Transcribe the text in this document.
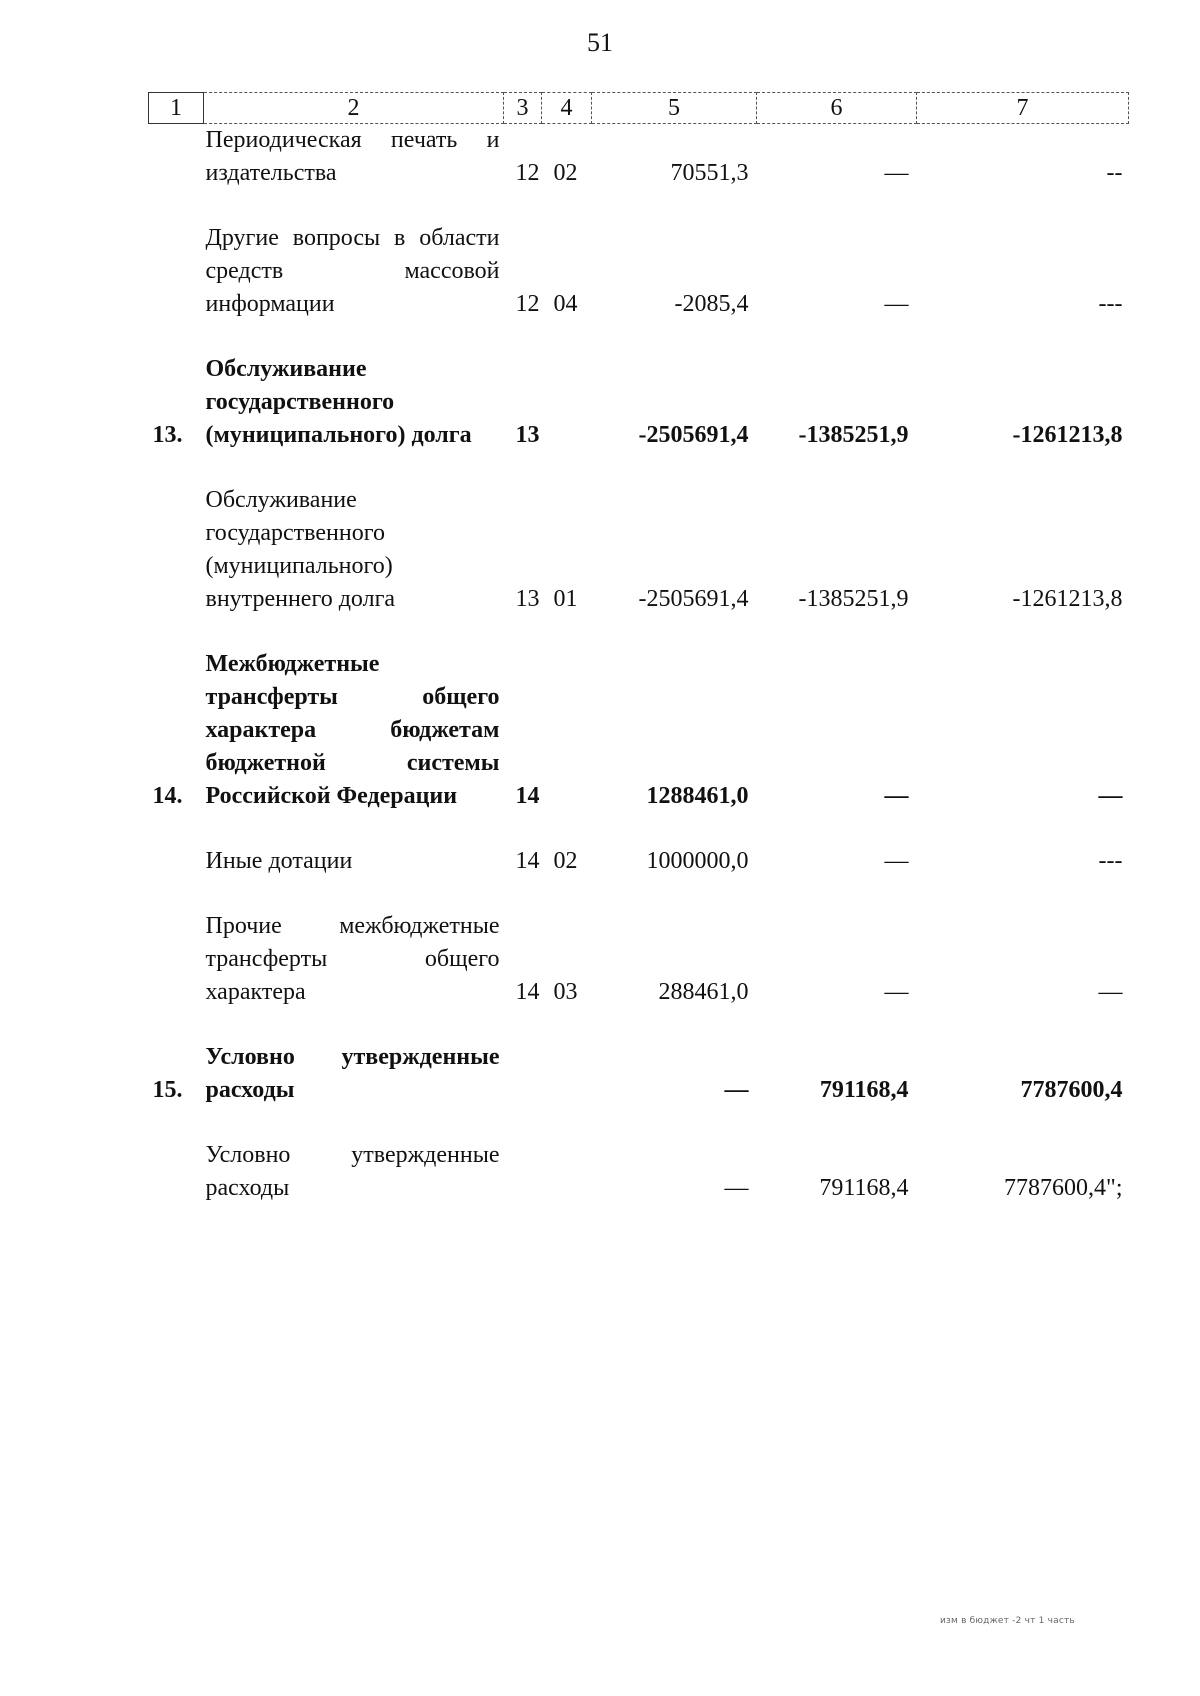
51
1	2	3	4	5	6	7
	Периодическая печать и издательства	12	02	70551,3	—	--

	Другие вопросы в области средств массовой информации	12	04	-2085,4	—	---

13.	Обслуживание государственного (муниципального) долга	13		-2505691,4	-1385251,9	-1261213,8

	Обслуживание государственного (муниципального) внутреннего долга	13	01	-2505691,4	-1385251,9	-1261213,8

14.	Межбюджетные трансферты общего характера бюджетам бюджетной системы Российской Федерации	14		1288461,0	—	—

	Иные дотации	14	02	1000000,0	—	---

	Прочие межбюджетные трансферты общего характера	14	03	288461,0	—	—

15.	Условно утвержденные расходы			—	791168,4	7787600,4

	Условно утвержденные расходы			—	791168,4	7787600,4";
изм в бюджет -2 чт 1 часть
